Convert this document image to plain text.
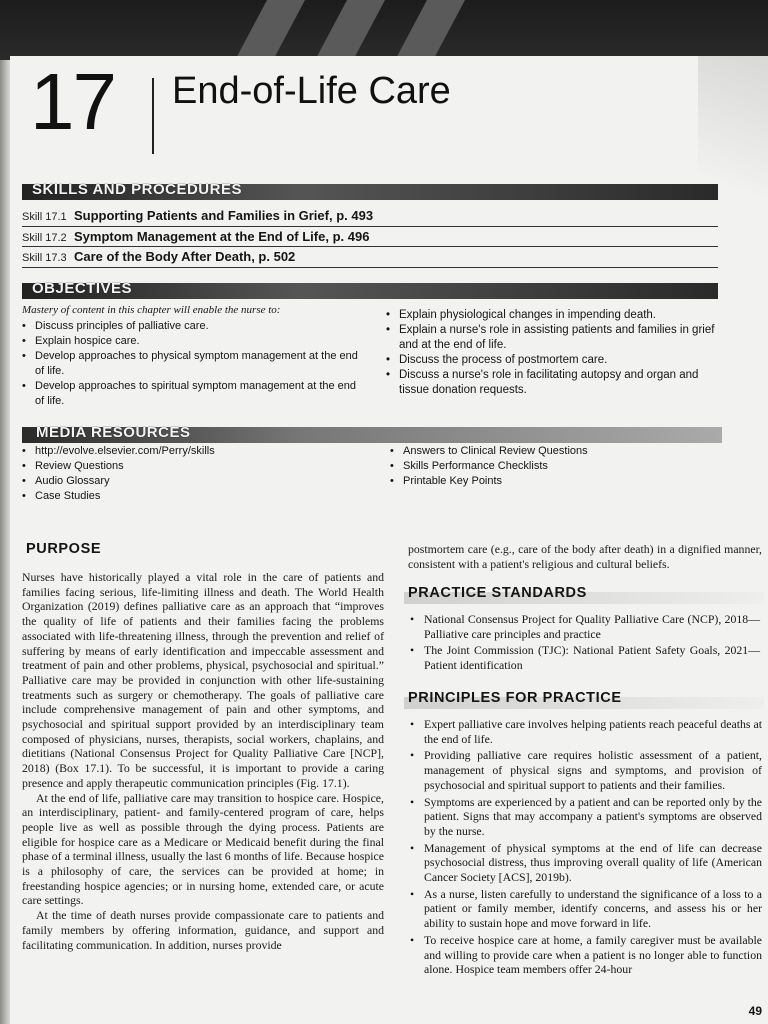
17 End-of-Life Care
SKILLS AND PROCEDURES
Skill 17.1 Supporting Patients and Families in Grief, p. 493
Skill 17.2 Symptom Management at the End of Life, p. 496
Skill 17.3 Care of the Body After Death, p. 502
OBJECTIVES
Mastery of content in this chapter will enable the nurse to:
• Discuss principles of palliative care.
• Explain hospice care.
• Develop approaches to physical symptom management at the end of life.
• Develop approaches to spiritual symptom management at the end of life.
• Explain physiological changes in impending death.
• Explain a nurse's role in assisting patients and families in grief and at the end of life.
• Discuss the process of postmortem care.
• Discuss a nurse's role in facilitating autopsy and organ and tissue donation requests.
MEDIA RESOURCES
• http://evolve.elsevier.com/Perry/skills
• Review Questions
• Audio Glossary
• Case Studies
• Answers to Clinical Review Questions
• Skills Performance Checklists
• Printable Key Points
PURPOSE

Nurses have historically played a vital role in the care of patients and families facing serious, life-limiting illness and death. The World Health Organization (2019) defines palliative care as an approach that “improves the quality of life of patients and their families facing the problems associated with life-threatening illness, through the prevention and relief of suffering by means of early identification and impeccable assessment and treatment of pain and other problems, physical, psychosocial and spiritual.” Palliative care may be provided in conjunction with other life-sustaining treatments such as surgery or chemotherapy. The goals of palliative care include comprehensive management of pain and other symptoms, and psychosocial and spiritual support provided by an interdisciplinary team composed of physicians, nurses, therapists, social workers, chaplains, and dietitians (National Consensus Project for Quality Palliative Care [NCP], 2018) (Box 17.1). To be successful, it is important to provide a caring presence and apply therapeutic communication principles (Fig. 17.1).

At the end of life, palliative care may transition to hospice care. Hospice, an interdisciplinary, patient- and family-centered program of care, helps people live as well as possible through the dying process. Patients are eligible for hospice care as a Medicare or Medicaid benefit during the final phase of a terminal illness, usually the last 6 months of life. Because hospice is a philosophy of care, the services can be provided at home; in freestanding hospice agencies; or in nursing home, extended care, or acute care settings.

At the time of death nurses provide compassionate care to patients and family members by offering information, guidance, and support and facilitating communication. In addition, nurses provide

postmortem care (e.g., care of the body after death) in a dignified manner, consistent with a patient's religious and cultural beliefs.
PRACTICE STANDARDS
• National Consensus Project for Quality Palliative Care (NCP), 2018—Palliative care principles and practice
• The Joint Commission (TJC): National Patient Safety Goals, 2021—Patient identification
PRINCIPLES FOR PRACTICE
• Expert palliative care involves helping patients reach peaceful deaths at the end of life.
• Providing palliative care requires holistic assessment of a patient, management of physical signs and symptoms, and provision of psychosocial and spiritual support to patients and their families.
• Symptoms are experienced by a patient and can be reported only by the patient. Signs that may accompany a patient's symptoms are observed by the nurse.
• Management of physical symptoms at the end of life can decrease psychosocial distress, thus improving overall quality of life (American Cancer Society [ACS], 2019b).
• As a nurse, listen carefully to understand the significance of a loss to a patient or family member, identify concerns, and assess his or her ability to sustain hope and move forward in life.
• To receive hospice care at home, a family caregiver must be available and willing to provide care when a patient is no longer able to function alone. Hospice team members offer 24-hour
49
